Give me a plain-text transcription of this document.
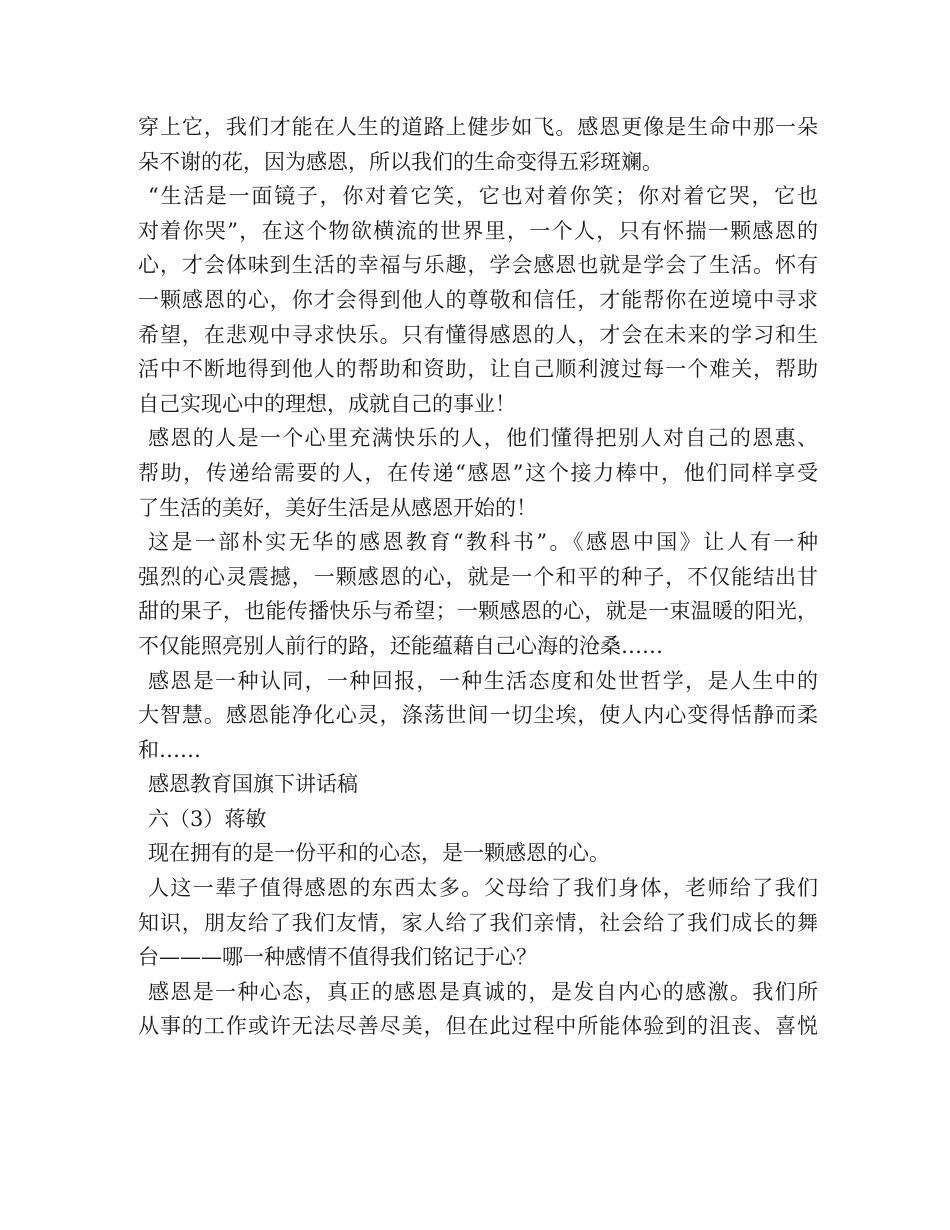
穿上它，我们才能在人生的道路上健步如飞。感恩更像是生命中那一朵
朵不谢的花，因为感恩，所以我们的生命变得五彩斑斓。
“生活是一面镜子，你对着它笑，它也对着你笑；你对着它哭，它也
对着你哭”，在这个物欲横流的世界里，一个人，只有怀揣一颗感恩的
心，才会体味到生活的幸福与乐趣，学会感恩也就是学会了生活。怀有
一颗感恩的心，你才会得到他人的尊敬和信任，才能帮你在逆境中寻求
希望，在悲观中寻求快乐。只有懂得感恩的人，才会在未来的学习和生
活中不断地得到他人的帮助和资助，让自己顺利渡过每一个难关，帮助
自己实现心中的理想，成就自己的事业！
感恩的人是一个心里充满快乐的人，他们懂得把别人对自己的恩惠、
帮助，传递给需要的人，在传递“感恩”这个接力棒中，他们同样享受
了生活的美好，美好生活是从感恩开始的！
这是一部朴实无华的感恩教育“教科书”。《感恩中国》让人有一种
强烈的心灵震撼，一颗感恩的心，就是一个和平的种子，不仅能结出甘
甜的果子，也能传播快乐与希望；一颗感恩的心，就是一束温暖的阳光，
不仅能照亮别人前行的路，还能蕴藉自己心海的沧桑……
感恩是一种认同，一种回报，一种生活态度和处世哲学，是人生中的
大智慧。感恩能净化心灵，涤荡世间一切尘埃，使人内心变得恬静而柔
和……
感恩教育国旗下讲话稿
六（3）蒋敏
现在拥有的是一份平和的心态，是一颗感恩的心。
人这一辈子值得感恩的东西太多。父母给了我们身体，老师给了我们
知识，朋友给了我们友情，家人给了我们亲情，社会给了我们成长的舞
台———哪一种感情不值得我们铭记于心？
感恩是一种心态，真正的感恩是真诚的，是发自内心的感激。我们所
从事的工作或许无法尽善尽美，但在此过程中所能体验到的沮丧、喜悦
